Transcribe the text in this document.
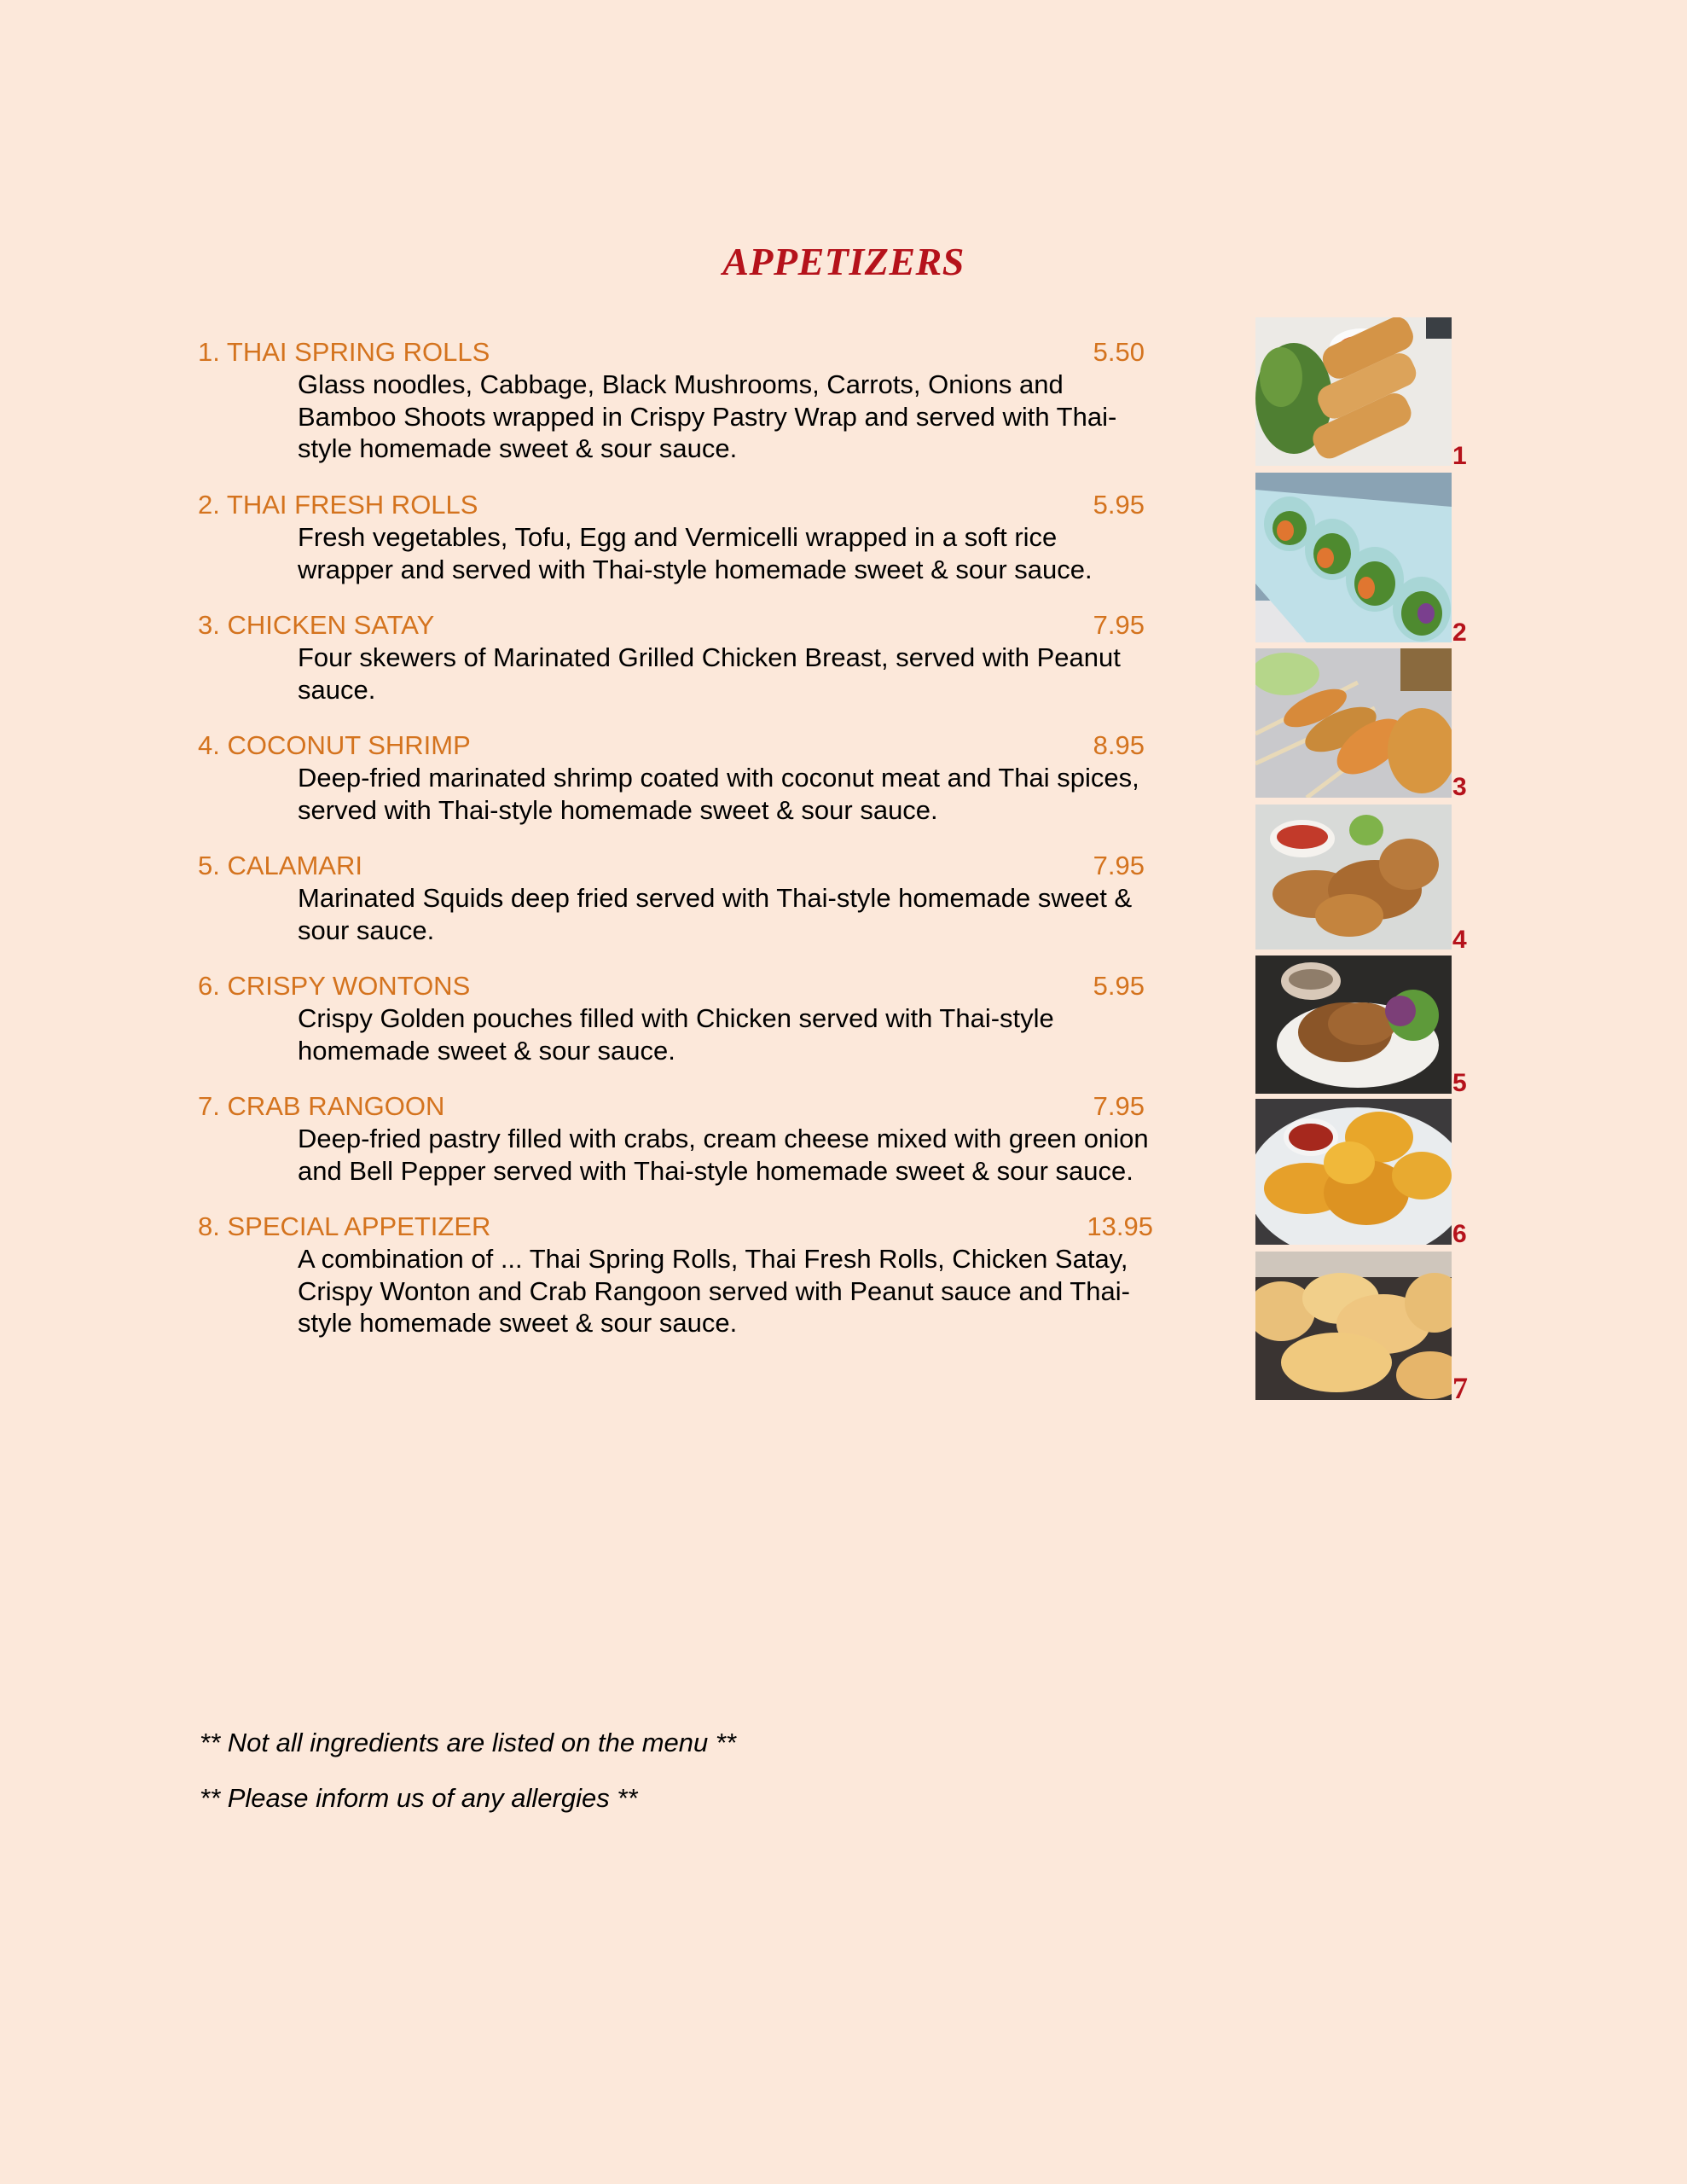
APPETIZERS
1. THAI SPRING ROLLS	5.50
Glass noodles, Cabbage, Black Mushrooms, Carrots, Onions and
Bamboo Shoots wrapped in Crispy Pastry Wrap and served with Thai-
style homemade sweet & sour sauce.
2. THAI FRESH ROLLS	5.95
Fresh vegetables, Tofu, Egg and Vermicelli wrapped in a soft rice
wrapper and served with Thai-style homemade sweet & sour sauce.
3. CHICKEN SATAY	7.95
Four skewers of Marinated Grilled Chicken Breast, served with Peanut
sauce.
4. COCONUT SHRIMP	8.95
Deep-fried marinated shrimp coated with coconut meat and Thai spices,
served with Thai-style homemade sweet & sour sauce.
5. CALAMARI	7.95
Marinated Squids deep fried served with Thai-style homemade sweet &
sour sauce.
6. CRISPY WONTONS	5.95
Crispy Golden pouches filled with Chicken served with Thai-style
homemade sweet & sour sauce.
7. CRAB RANGOON	7.95
Deep-fried pastry filled with crabs, cream cheese mixed with green onion
and Bell Pepper served with Thai-style homemade sweet & sour sauce.
8. SPECIAL APPETIZER	13.95
A combination of ... Thai Spring Rolls, Thai Fresh Rolls, Chicken Satay,
Crispy Wonton and Crab Rangoon served with Peanut sauce and Thai-
style homemade sweet & sour sauce.
1
2
3
4
5
6
7
** Not all ingredients are listed on the menu **
** Please inform us of any allergies **
